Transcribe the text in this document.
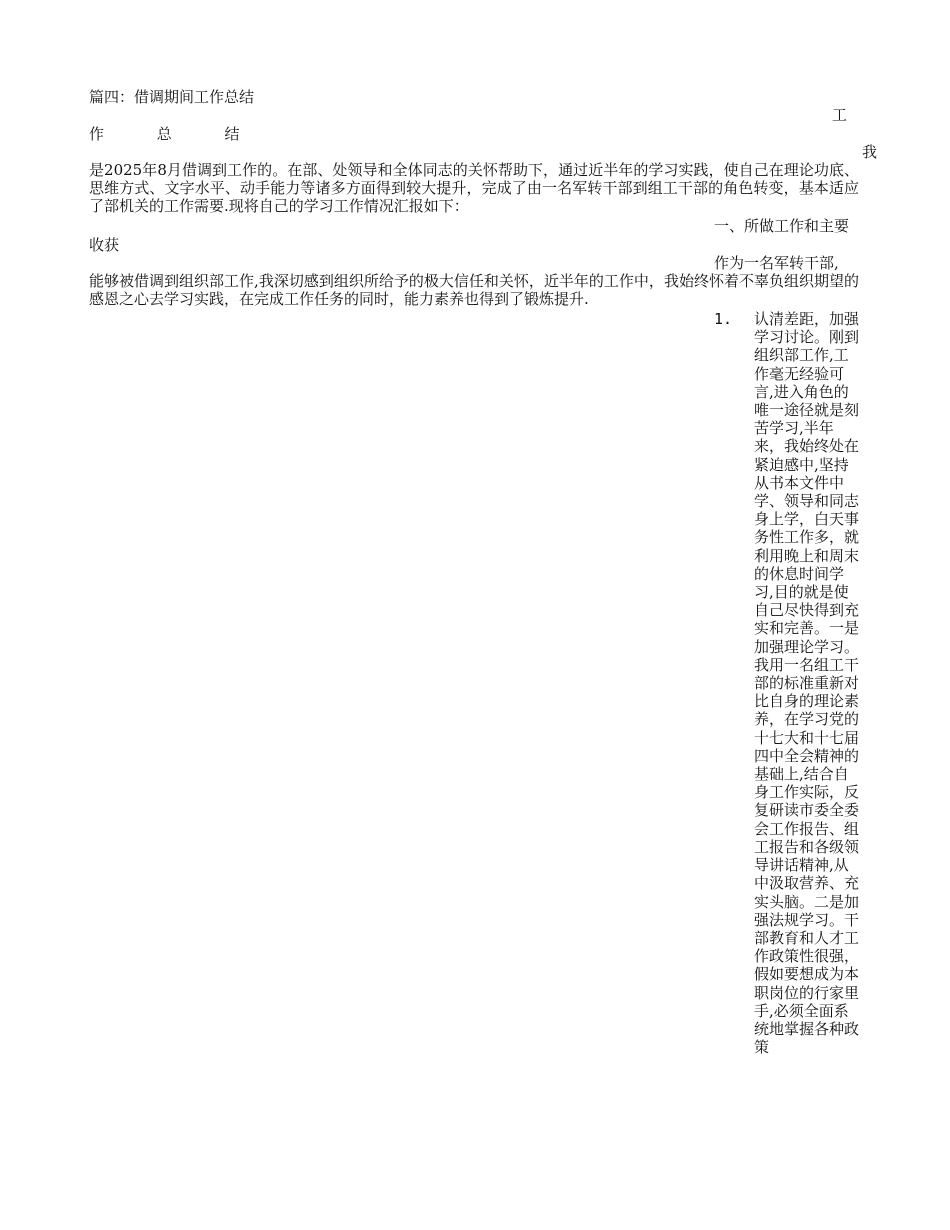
篇四：借调期间工作总结
工
作 总 结
我
是2025年8月借调到工作的。在部、处领导和全体同志的关怀帮助下，通过近半年的学习实践，使自己在理论功底、思维方式、文字水平、动手能力等诸多方面得到较大提升，完成了由一名军转干部到组工干部的角色转变，基本适应了部机关的工作需要.现将自己的学习工作情况汇报如下：
一、所做工作和主要
收获
作为一名军转干部,
能够被借调到组织部工作,我深切感到组织所给予的极大信任和关怀，近半年的工作中，我始终怀着不辜负组织期望的感恩之心去学习实践，在完成工作任务的同时，能力素养也得到了锻炼提升.
1. 认清差距，加强学习讨论。刚到组织部工作,工作毫无经验可言,进入角色的唯一途径就是刻苦学习,半年来，我始终处在紧迫感中,坚持从书本文件中学、领导和同志身上学，白天事务性工作多，就利用晚上和周末的休息时间学习,目的就是使自己尽快得到充实和完善。一是加强理论学习。我用一名组工干部的标准重新对比自身的理论素养，在学习党的十七大和十七届四中全会精神的基础上,结合自身工作实际，反复研读市委全委会工作报告、组工报告和各级领导讲话精神,从中汲取营养、充实头脑。二是加强法规学习。干部教育和人才工作政策性很强，假如要想成为本职岗位的行家里手,必须全面系统地掌握各种政策
